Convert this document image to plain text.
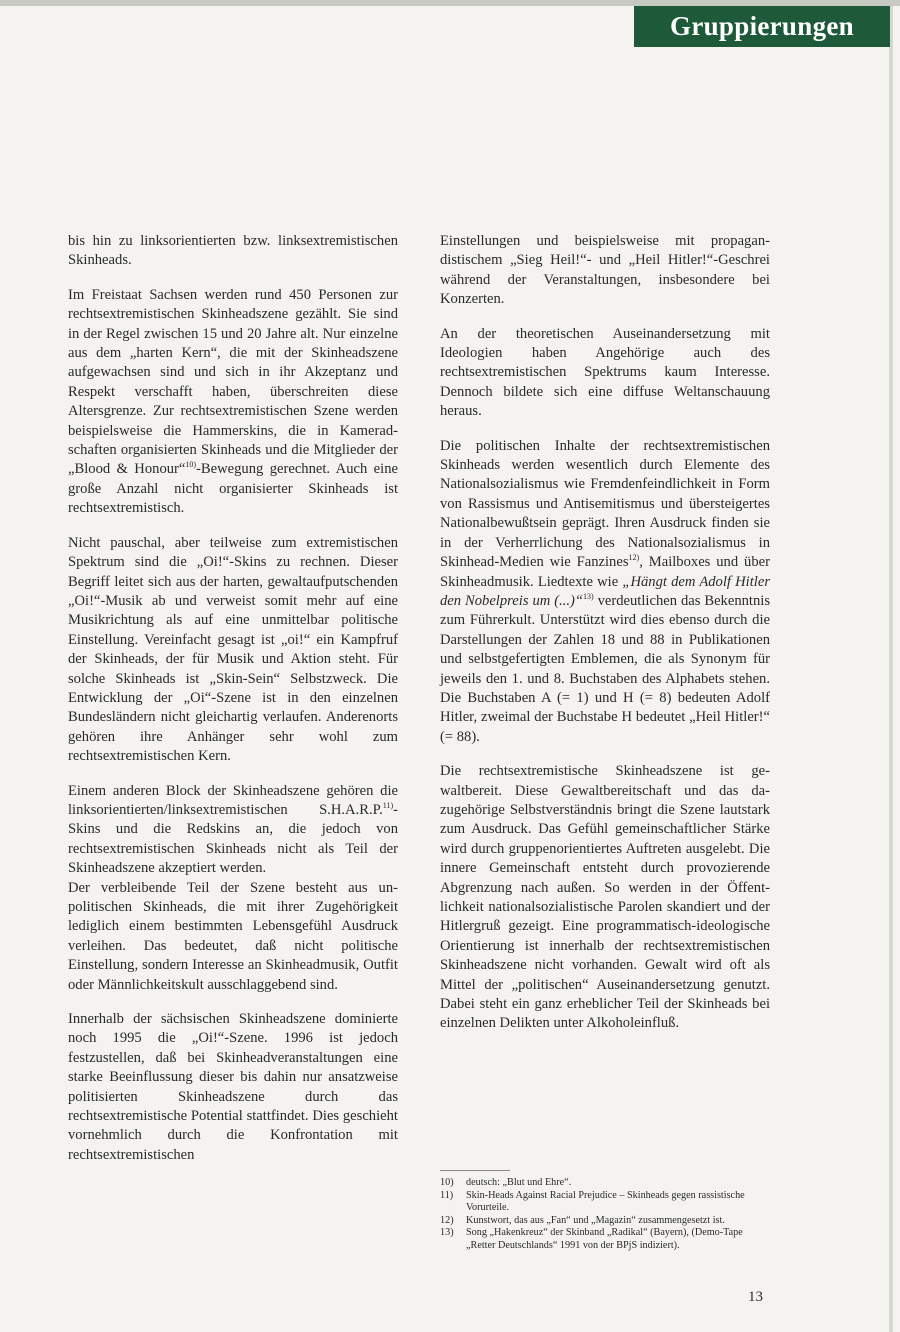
Gruppierungen

bis hin zu linksorientierten bzw. linksextremistischen Skinheads.

Im Freistaat Sachsen werden rund 450 Personen zur rechtsextremistischen Skinheadszene gezählt. Sie sind in der Regel zwischen 15 und 20 Jahre alt. Nur einzelne aus dem „harten Kern“, die mit der Skinheadszene aufgewachsen sind und sich in ihr Akzeptanz und Respekt verschafft haben, überschreiten diese Altersgrenze. Zur rechtsextremistischen Szene werden beispielsweise die Hammerskins, die in Kameradschaften organisierten Skinheads und die Mitglieder der „Blood & Honour“$^{10)}$-Bewegung gerechnet. Auch eine große Anzahl nicht organisierter Skinheads ist rechtsextremistisch.

Nicht pauschal, aber teilweise zum extremistischen Spektrum sind die „Oi!“-Skins zu rechnen. Dieser Begriff leitet sich aus der harten, gewaltaufputschenden „Oi!“-Musik ab und verweist somit mehr auf eine Musikrichtung als auf eine unmittelbar politische Einstellung. Vereinfacht gesagt ist „oi!“ ein Kampfruf der Skinheads, der für Musik und Aktion steht. Für solche Skinheads ist „Skin-Sein“ Selbstzweck. Die Entwicklung der „Oi“-Szene ist in den einzelnen Bundesländern nicht gleichartig verlaufen. Anderenorts gehören ihre Anhänger sehr wohl zum rechtsextremistischen Kern.

Einem anderen Block der Skinheadszene gehören die linksorientierten/linksextremistischen S.H.A.R.P.$^{11)}$-Skins und die Redskins an, die jedoch von rechtsextremistischen Skinheads nicht als Teil der Skinheadszene akzeptiert werden.

Der verbleibende Teil der Szene besteht aus unpolitischen Skinheads, die mit ihrer Zugehörigkeit lediglich einem bestimmten Lebensgefühl Ausdruck verleihen. Das bedeutet, daß nicht politische Einstellung, sondern Interesse an Skinheadmusik, Outfit oder Männlichkeitskult ausschlaggebend sind.

Innerhalb der sächsischen Skinheadszene dominierte noch 1995 die „Oi!“-Szene. 1996 ist jedoch festzustellen, daß bei Skinheadveranstaltungen eine starke Beeinflussung dieser bis dahin nur ansatzweise politisierten Skinheadszene durch das rechtsextremistische Potential stattfindet. Dies geschieht vornehmlich durch die Konfrontation mit rechtsextremistischen

Einstellungen und beispielsweise mit propagandistischem „Sieg Heil!“- und „Heil Hitler!“-Geschrei während der Veranstaltungen, insbesondere bei Konzerten.

An der theoretischen Auseinandersetzung mit Ideologien haben Angehörige auch des rechtsextremistischen Spektrums kaum Interesse. Dennoch bildete sich eine diffuse Weltanschauung heraus.

Die politischen Inhalte der rechtsextremistischen Skinheads werden wesentlich durch Elemente des Nationalsozialismus wie Fremdenfeindlichkeit in Form von Rassismus und Antisemitismus und übersteigertes Nationalbewußtsein geprägt. Ihren Ausdruck finden sie in der Verherrlichung des Nationalsozialismus in Skinhead-Medien wie Fanzines$^{12)}$, Mailboxes und über Skinheadmusik. Liedtexte wie „Hängt dem Adolf Hitler den Nobelpreis um (...)“$^{13)}$ verdeutlichen das Bekenntnis zum Führerkult. Unterstützt wird dies ebenso durch die Darstellungen der Zahlen 18 und 88 in Publikationen und selbstgefertigten Emblemen, die als Synonym für jeweils den 1. und 8. Buchstaben des Alphabets stehen. Die Buchstaben A (= 1) und H (= 8) bedeuten Adolf Hitler, zweimal der Buchstabe H bedeutet „Heil Hitler!“ (= 88).

Die rechtsextremistische Skinheadszene ist gewaltbereit. Diese Gewaltbereitschaft und das dazugehörige Selbstverständnis bringt die Szene lautstark zum Ausdruck. Das Gefühl gemeinschaftlicher Stärke wird durch gruppenorientiertes Auftreten ausgelebt. Die innere Gemeinschaft entsteht durch provozierende Abgrenzung nach außen. So werden in der Öffentlichkeit nationalsozialistische Parolen skandiert und der Hitlergruß gezeigt. Eine programmatisch-ideologische Orientierung ist innerhalb der rechtsextremistischen Skinheadszene nicht vorhanden. Gewalt wird oft als Mittel der „politischen“ Auseinandersetzung genutzt. Dabei steht ein ganz erheblicher Teil der Skinheads bei einzelnen Delikten unter Alkoholeinfluß.

10)	deutsch: „Blut und Ehre“.
11)	Skin-Heads Against Racial Prejudice – Skinheads gegen rassistische Vorurteile.
12)	Kunstwort, das aus „Fan“ und „Magazin“ zusammengesetzt ist.
13)	Song „Hakenkreuz“ der Skinband „Radikal“ (Bayern), (Demo-Tape „Retter Deutschlands“ 1991 von der BPjS indiziert).
13
